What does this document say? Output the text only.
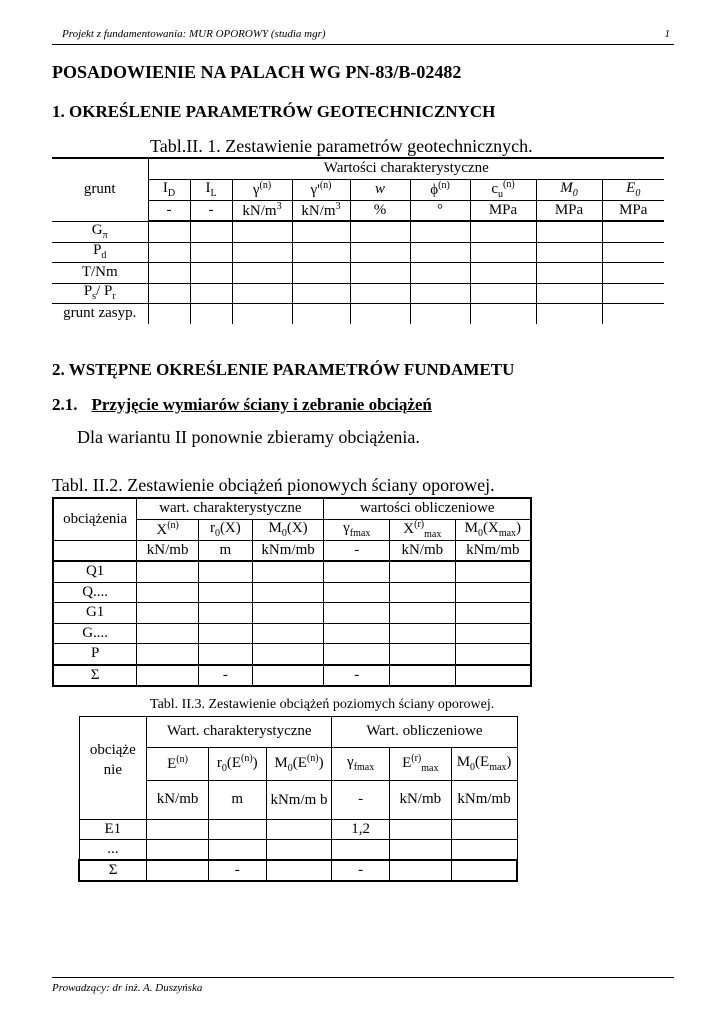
Projekt z fundamentowania: MUR OPOROWY (studia mgr)	1
POSADOWIENIE NA PALACH WG PN-83/B-02482
1. OKREŚLENIE PARAMETRÓW GEOTECHNICZNYCH
Tabl.II. 1. Zestawienie parametrów geotechnicznych.
grunt	Wartości charakterystyczne								
	$I_D$	$I_L$	$\gamma^{(n)}$	$\gamma'^{(n)}$	w	$\phi^{(n)}$	$c_u^{(n)}$	$M_0$	$E_0$
	-	-	$kN/m^3$	$kN/m^3$	%	°	MPa	MPa	MPa
$G_\pi$									
$P_d$									
T/Nm									
$P_s/$ $P_r$									
grunt zasyp.									
2. WSTĘPNE OKREŚLENIE PARAMETRÓW FUNDAMETU
2.1. Przyjęcie wymiarów ściany i zebranie obciążeń
Dla wariantu II ponownie zbieramy obciążenia.
Tabl. II.2. Zestawienie obciążeń pionowych ściany oporowej.
obciążenia	wart. charakterystyczne			wartości obliczeniowe		
	$X^{(n)}$	$r_0(X)$	$M_0(X)$	$\gamma_{fmax}$	$X^{(r)}_{max}$	$M_0(X_{max})$
	kN/mb	m	kNm/mb	-	kN/mb	kNm/mb
Q1						
Q....						
G1						
G....						
P						
Σ		-		-		
Tabl. II.3. Zestawienie obciążeń poziomych ściany oporowej.
obciąże
nie	Wart. charakterystyczne			Wart. obliczeniowe		
	$E^{(n)}$	$r_0(E^{(n)})$	$M_0(E^{(n)})$	$\gamma_{fmax}$	$E^{(r)}_{max}$	$M_0(E_{max})$
	kN/mb	m	kNm/m b	-	kN/mb	kNm/mb
E1				1,2		
...						
Σ		-		-		
Prowadzący: dr inż. A. Duszyńska
